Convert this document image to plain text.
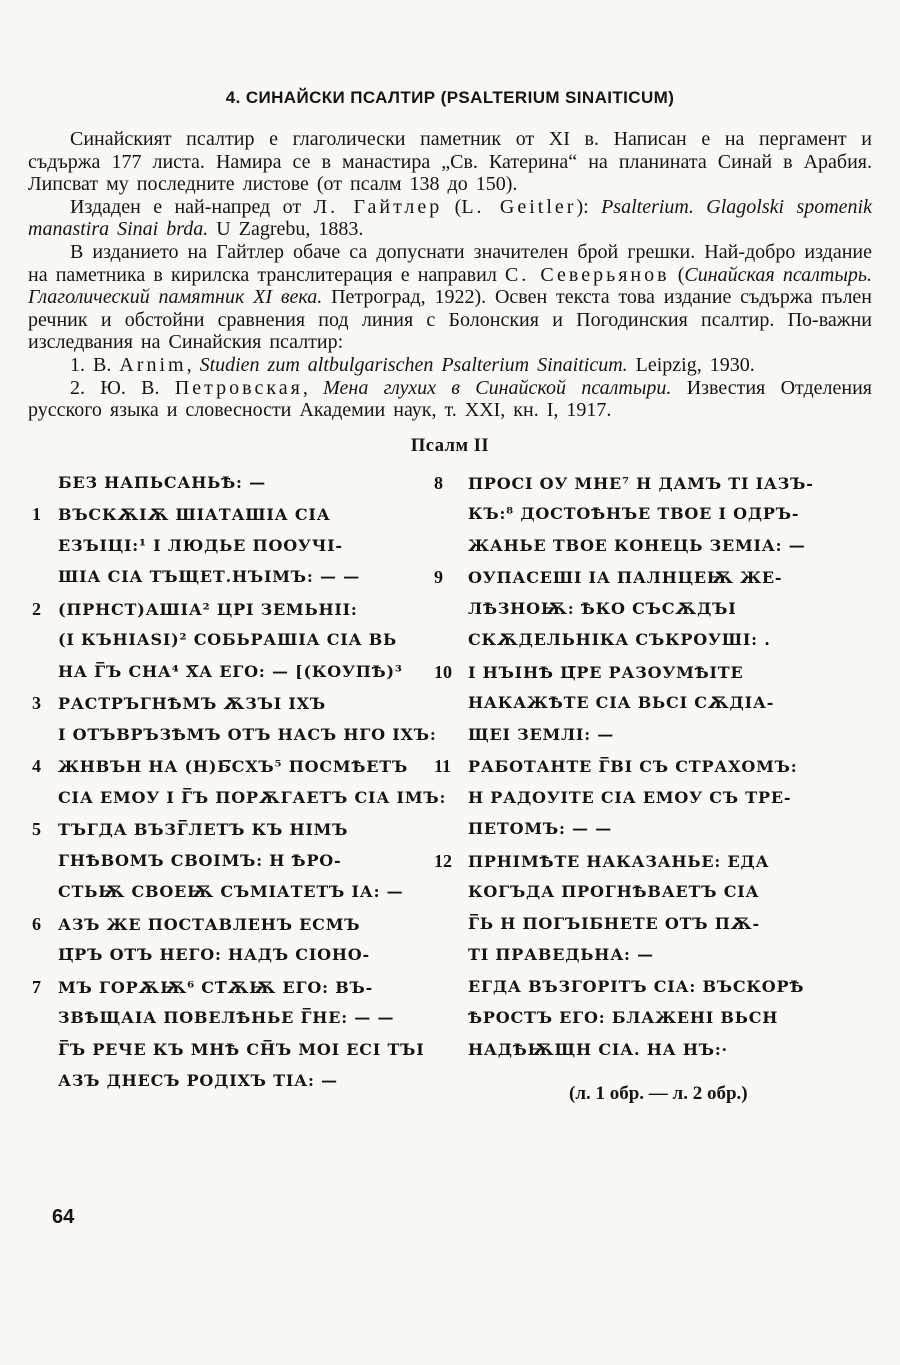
4. СИНАЙСКИ ПСАЛТИР (PSALTERIUM SINAITICUM)

Синайският псалтир е глаголически паметник от XI в. Написан е на пергамент и съдържа 177 листа. Намира се в манастира „Св. Катерина“ на планината Синай в Арабия. Липсват му последните листове (от псалм 138 до 150).

Издаден е най-напред от Л. Гайтлер (L. Geitler): Psalterium. Glagolski spomenik manastira Sinai brda. U Zagrebu, 1883.

В изданието на Гайтлер обаче са допуснати значителен брой грешки. Най-добро издание на паметника в кирилска транслитерация е направил С. Северьянов (Синайская псалтырь. Глаголический памятник XI века. Петроград, 1922). Освен текста това издание съдържа пълен речник и обстойни сравнения под линия с Болонския и Погодинския псалтир. По-важни изследвания на Синайския псалтир:

1. B. Arnim, Studien zum altbulgarischen Psalterium Sinaiticum. Leipzig, 1930.

2. Ю. В. Петровская, Мена глухих в Синайской псалтыри. Известия Отделения русского языка и словесности Академии наук, т. XXI, кн. I, 1917.

Псалм II
БЕЗ НАПЬСАНЬѢ: —
1	ВЪСКѪІѪ ШІАТАШІА СІА
ЕЗЪІЦІ:¹ І ЛЮДЬЕ ПООУЧІ-
ШІА СІА ТЪЩЕТ.НЪІМЪ: — —
2	(ПРНСТ)АШІА² ЦРІ ЗЕМЬНІІ:
(І КЪНІАЅІ)² СОБЬРАШІА СІА ВЬ
НА Г̅Ъ СНА⁴ Х̅А ЕГО: — [(КОУПѢ)³
3	РАСТРЪГНѢМЪ ѪЗЪІ ІХЪ
І ОТЪВРЪЗѢМЪ ОТЪ НАСЪ НГО ІХЪ:
4	ЖНВЪН НА (Н)Б̅СХЪ⁵ ПОСМѢЕТЪ
СІА ЕМОУ І Г̅Ъ ПОРѪГАЕТЪ СІА ІМЪ:
5	ТЪГДА ВЪЗГ̅ЛЕТЪ КЪ НІМЪ
ГНѢВОМЪ СВОІМЪ: Н ѢРО-
СТЬѬ СВОЕѬ СЪМІАТЕТЪ ІА: —
6	АЗЪ ЖЕ ПОСТАВЛЕНЪ ЕСМЪ
Ц̅РЪ ОТЪ НЕГО: НАДЪ СІОНО-
7	МЪ ГОРѪѬ⁶ СТ̅ѪѬ ЕГО: ВЪ-
ЗВѢЩАІА ПОВЕЛѢНЬЕ Г̅НЕ: — —
Г̅Ъ РЕЧЕ КЪ МНѢ СН̅Ъ МОІ ЕСІ ТЪІ
АЗЪ ДНЕСЪ РОДІХЪ ТІА: —
8	ПРОСІ ОУ МНЕ⁷ Н ДАМЪ ТІ ІАЗЪ-
КЪ:⁸ ДОСТОѢНЪЕ ТВОЕ І ОДРЪ-
ЖАНЬЕ ТВОЕ КОНЕЦЬ ЗЕМІА: —
9	ОУПАСЕШІ ІА ПАЛНЦЕѬ ЖЕ-
ЛѢЗНОѬ: ѢКО СЪСѪДЪІ
СКѪДЕЛЬНІКА СЪКРОУШІ: .
10	І НЪІНѢ Ц̅РЕ РАЗОУМѢІТЕ
НАКАЖѢТЕ СІА ВЬСІ СѪДІА-
ЩЕІ ЗЕМЛІ: —
11	РАБОТАНТЕ Г̅ВІ СЪ СТРАХОМЪ:
Н РАДОУІТЕ СІА ЕМОУ СЪ ТРЕ-
ПЕТОМЪ: — —
12	ПРНІМѢТЕ НАКАЗАНЬЕ: ЕДА
КОГЪДА ПРОГНѢВАЕТЪ СІА
Г̅Ь Н ПОГЪІБНЕТЕ ОТЪ ПѪ-
ТІ ПРАВЕДЬНА: —
ЕГДА ВЪЗГОРІТЪ СІА: ВЪСКОРѢ
ѢРОСТЪ ЕГО: БЛАЖЕНІ ВЬСН
НАДѢѬЩН СІА. НА НЪ:·
(л. 1 обр. — л. 2 обр.)
64
